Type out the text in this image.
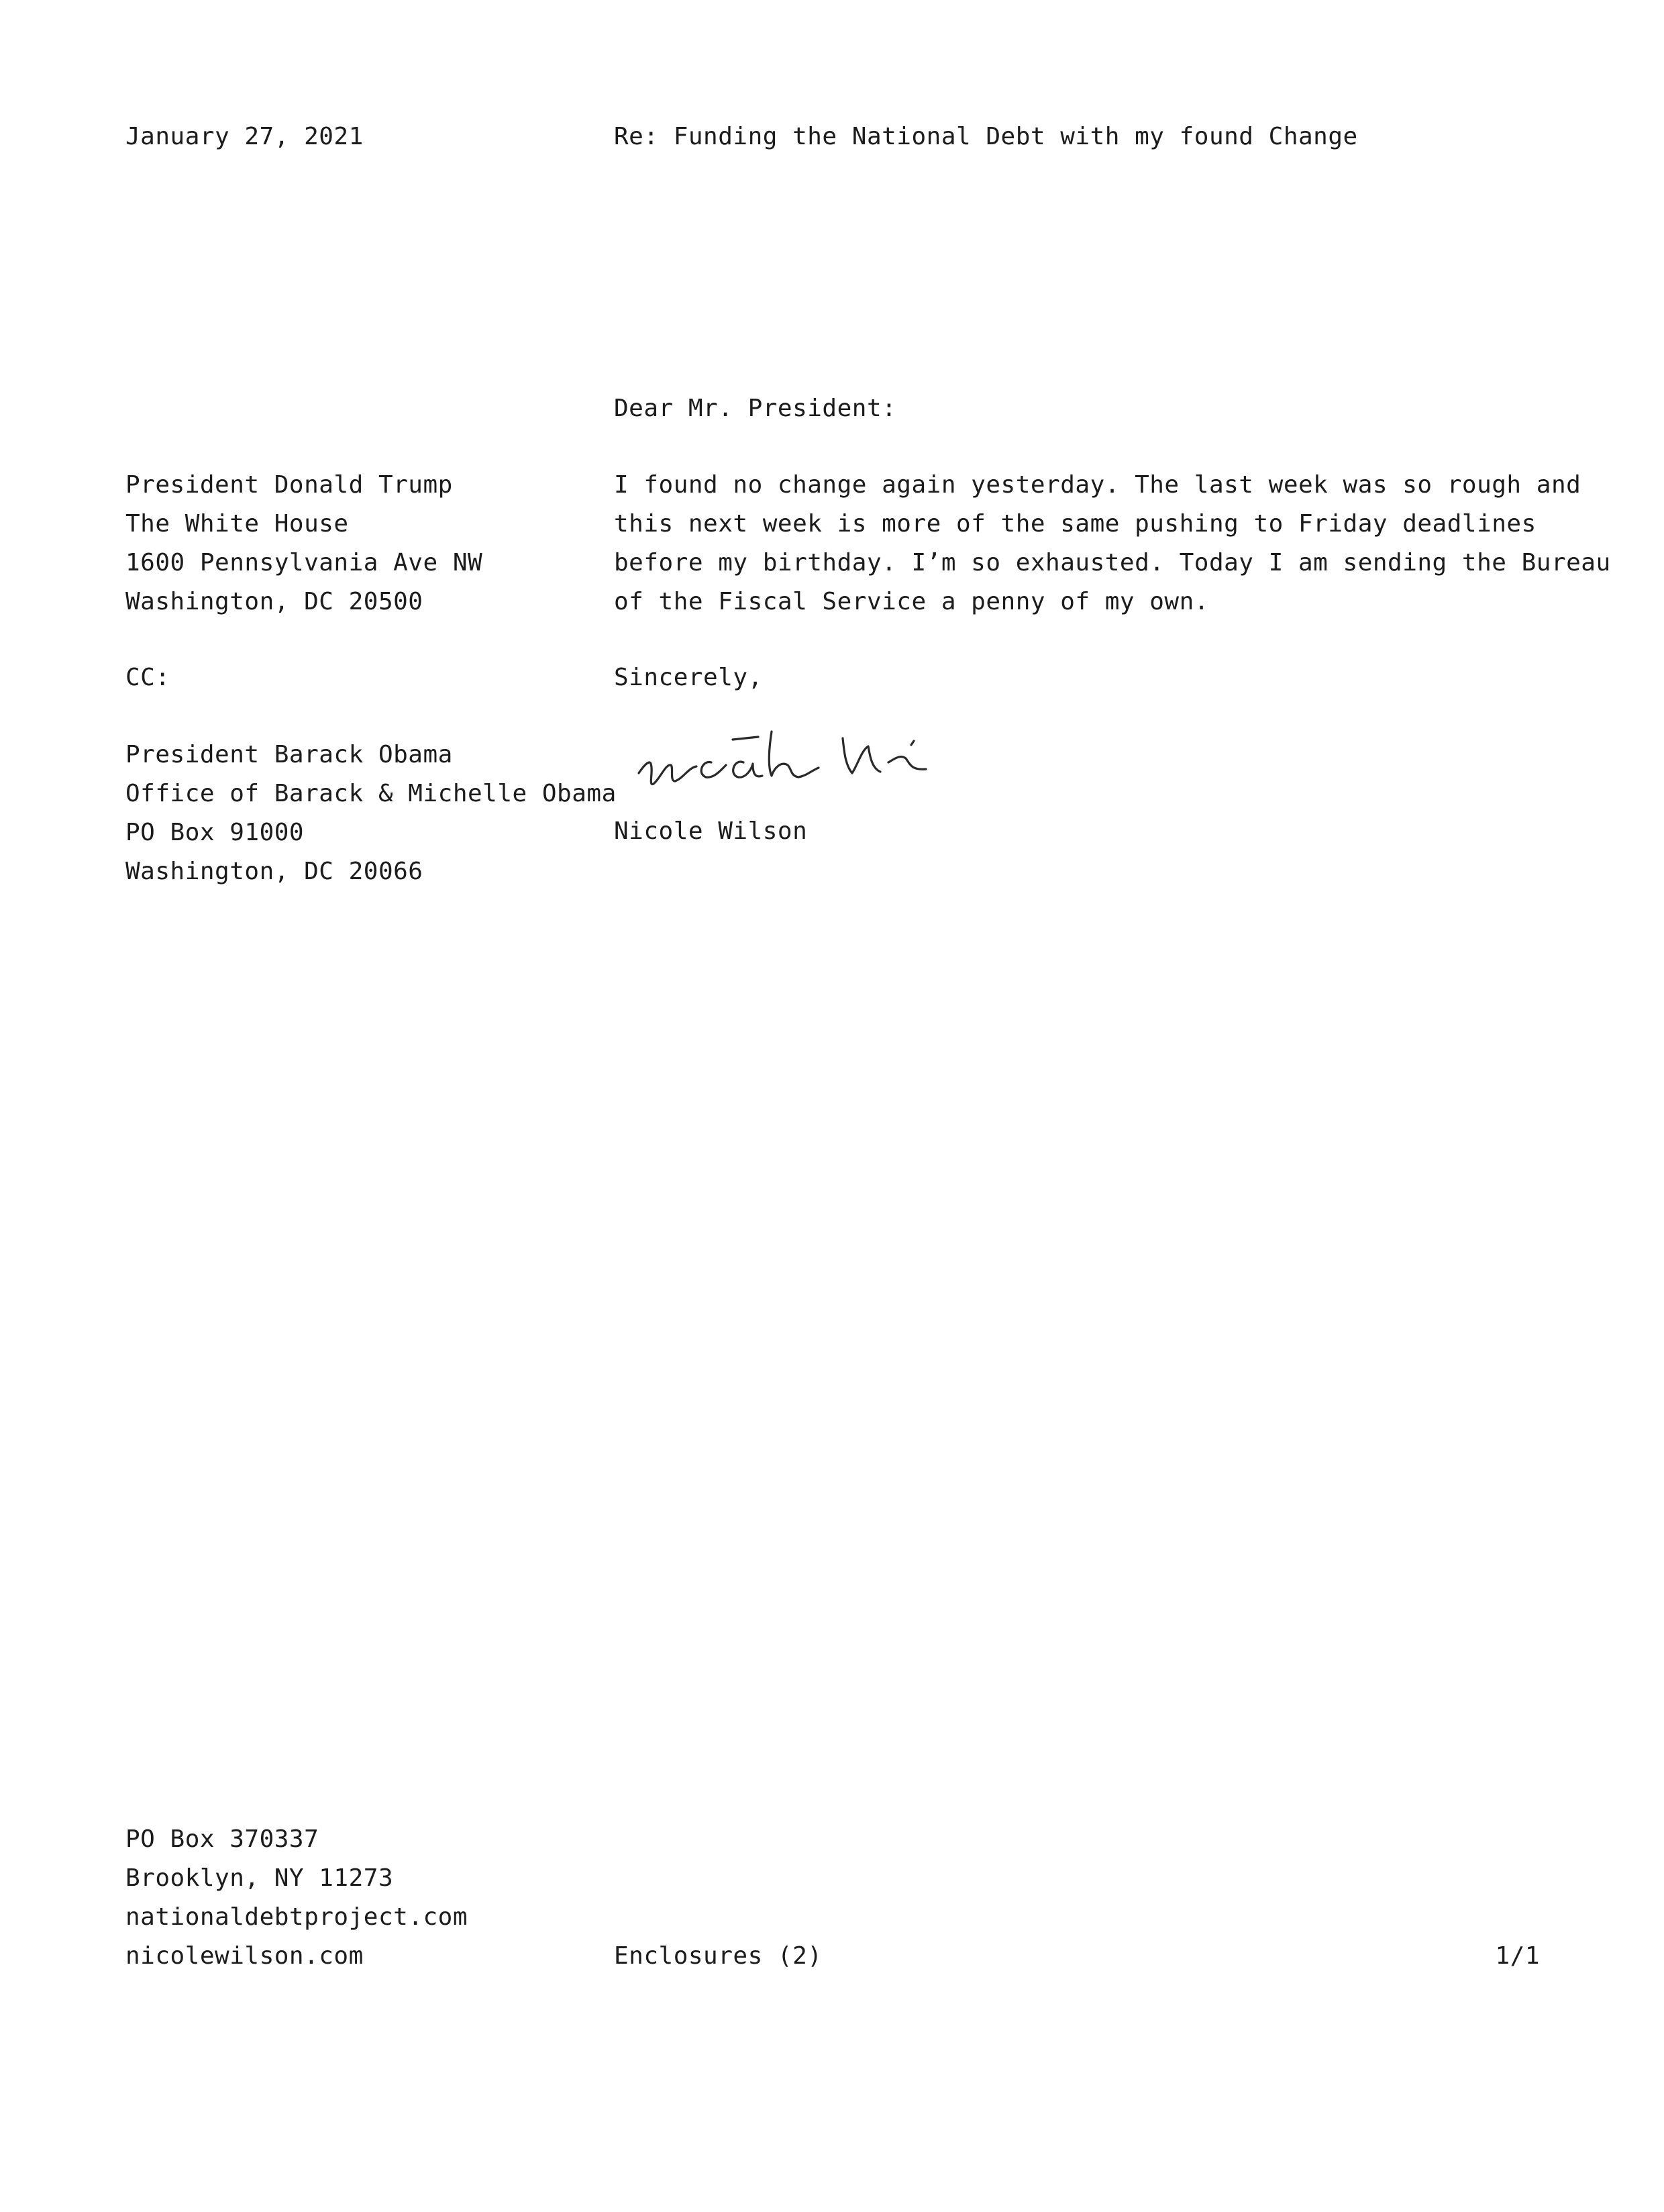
January 27, 2021	Re: Funding the National Debt with my found Change
Dear Mr. President:
President Donald Trump
The White House
1600 Pennsylvania Ave NW
Washington, DC 20500
I found no change again yesterday. The last week was so rough and
this next week is more of the same pushing to Friday deadlines
before my birthday. I’m so exhausted. Today I am sending the Bureau
of the Fiscal Service a penny of my own.
CC:	Sincerely,
President Barack Obama
Office of Barack & Michelle Obama
PO Box 91000
Washington, DC 20066
Nicole Wilson
PO Box 370337
Brooklyn, NY 11273
nationaldebtproject.com
nicolewilson.com	Enclosures (2)	1/1
